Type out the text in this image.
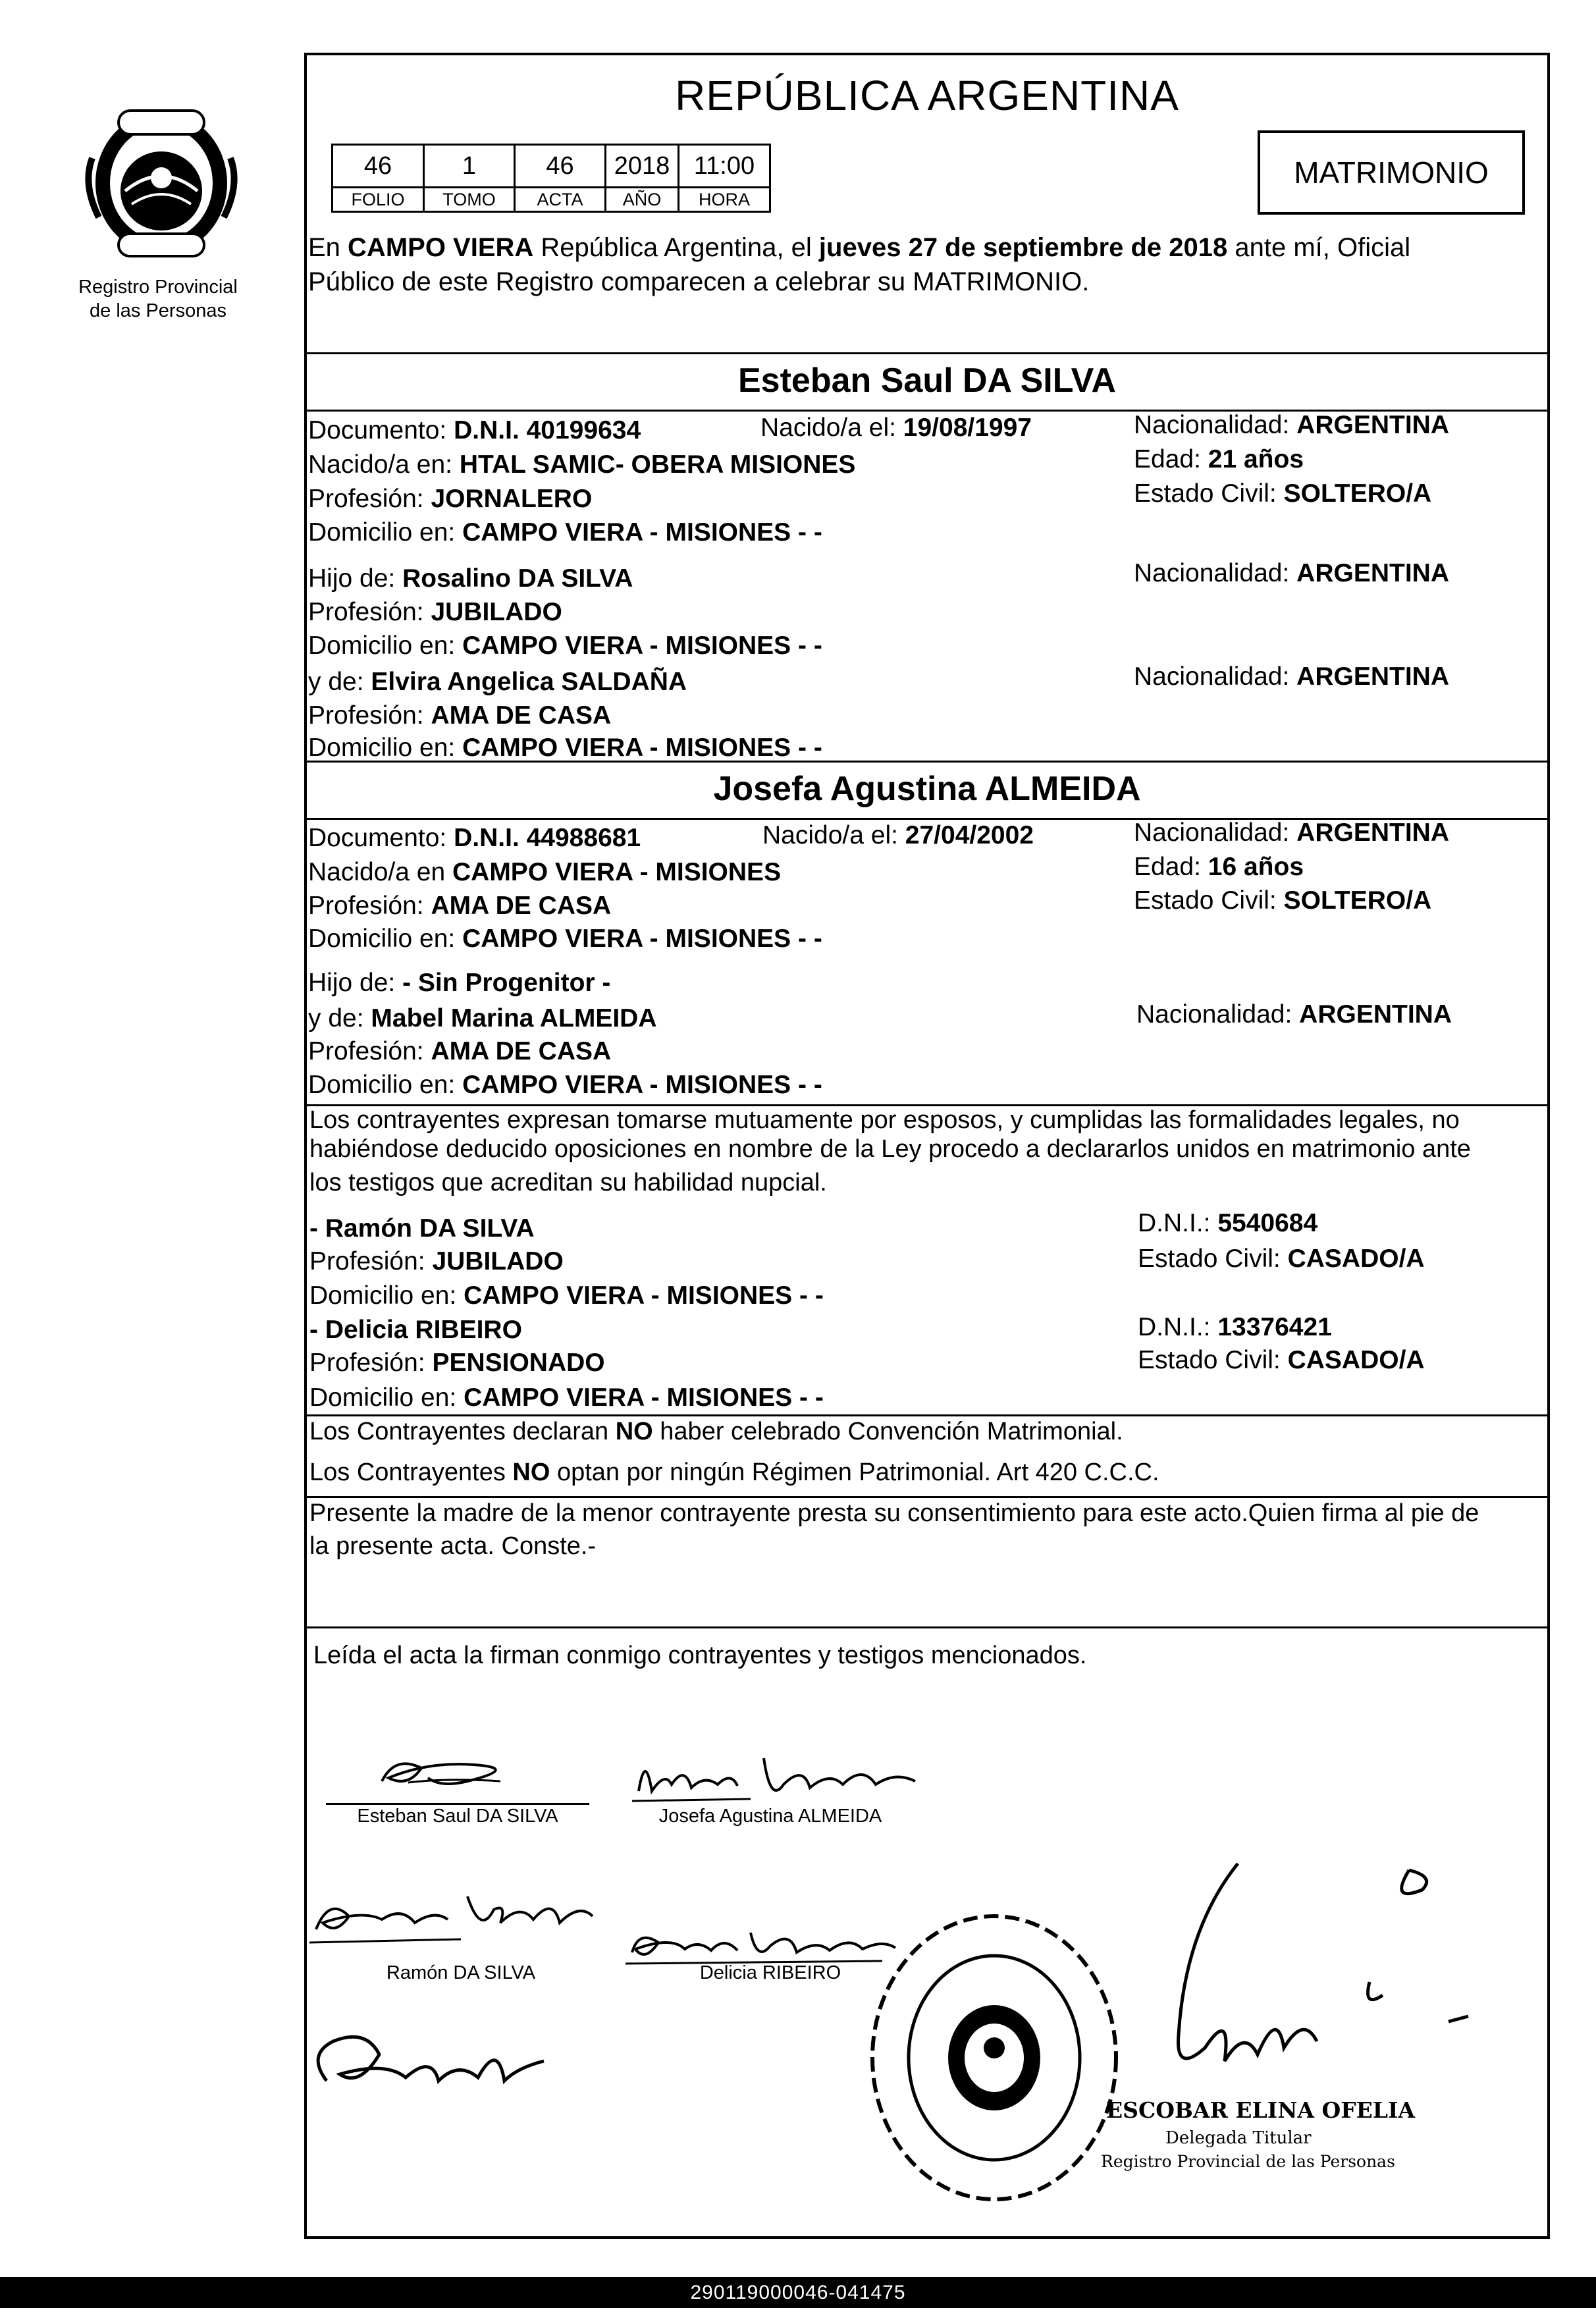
Registro Provincial
de las Personas
REPÚBLICA ARGENTINA
46	1	46	2018	11:00
FOLIO	TOMO	ACTA	AÑO	HORA
MATRIMONIO
En CAMPO VIERA República Argentina, el jueves 27 de septiembre de 2018 ante mí, Oficial
Público de este Registro comparecen a celebrar su MATRIMONIO.
Esteban Saul DA SILVA
Documento: D.N.I. 40199634	Nacido/a el: 19/08/1997	Nacionalidad: ARGENTINA
Nacido/a en: HTAL SAMIC- OBERA MISIONES	Edad: 21 años
Profesión: JORNALERO	Estado Civil: SOLTERO/A
Domicilio en: CAMPO VIERA - MISIONES - -
Hijo de: Rosalino DA SILVA	Nacionalidad: ARGENTINA
Profesión: JUBILADO
Domicilio en: CAMPO VIERA - MISIONES - -
y de: Elvira Angelica SALDAÑA	Nacionalidad: ARGENTINA
Profesión: AMA DE CASA
Domicilio en: CAMPO VIERA - MISIONES - -
Josefa Agustina ALMEIDA
Documento: D.N.I. 44988681	Nacido/a el: 27/04/2002	Nacionalidad: ARGENTINA
Nacido/a en CAMPO VIERA - MISIONES	Edad: 16 años
Profesión: AMA DE CASA	Estado Civil: SOLTERO/A
Domicilio en: CAMPO VIERA - MISIONES - -
Hijo de: - Sin Progenitor -
y de: Mabel Marina ALMEIDA	Nacionalidad: ARGENTINA
Profesión: AMA DE CASA
Domicilio en: CAMPO VIERA - MISIONES - -
Los contrayentes expresan tomarse mutuamente por esposos, y cumplidas las formalidades legales, no
habiéndose deducido oposiciones en nombre de la Ley procedo a declararlos unidos en matrimonio ante
los testigos que acreditan su habilidad nupcial.
- Ramón DA SILVA	D.N.I.: 5540684
Profesión: JUBILADO	Estado Civil: CASADO/A
Domicilio en: CAMPO VIERA - MISIONES - -
- Delicia RIBEIRO	D.N.I.: 13376421
Profesión: PENSIONADO	Estado Civil: CASADO/A
Domicilio en: CAMPO VIERA - MISIONES - -
Los Contrayentes declaran NO haber celebrado Convención Matrimonial.
Los Contrayentes NO optan por ningún Régimen Patrimonial. Art 420 C.C.C.
Presente la madre de la menor contrayente presta su consentimiento para este acto.Quien firma al pie de
la presente acta. Conste.-
Leída el acta la firman conmigo contrayentes y testigos mencionados.
Esteban Saul DA SILVA	Josefa Agustina ALMEIDA
Ramón DA SILVA	Delicia RIBEIRO
ESCOBAR ELINA OFELIA
Delegada Titular
Registro Provincial de las Personas
290119000046-041475
